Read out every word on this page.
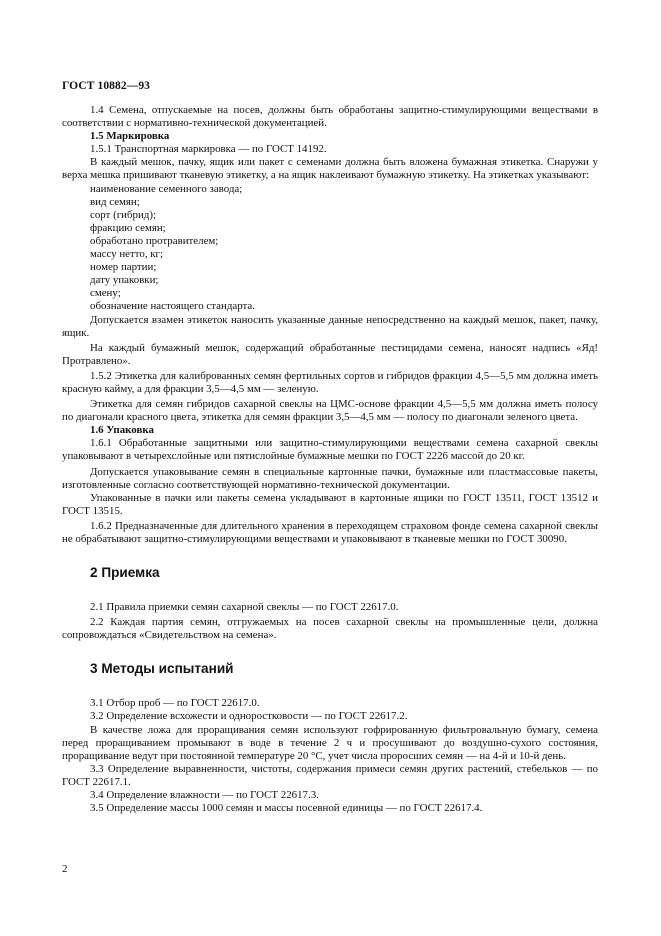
ГОСТ 10882—93

1.4 Семена, отпускаемые на посев, должны быть обработаны защитно-стимулирующими веществами в соответствии с нормативно-технической документацией.

1.5 Маркировка

1.5.1 Транспортная маркировка — по ГОСТ 14192.

В каждый мешок, пачку, ящик или пакет с семенами должна быть вложена бумажная этикетка. Снаружи у верха мешка пришивают тканевую этикетку, а на ящик наклеивают бумажную этикетку. На этикетках указывают:

наименование семенного завода;

вид семян;

сорт (гибрид);

фракцию семян;

обработано протравителем;

массу нетто, кг;

номер партии;

дату упаковки;

смену;

обозначение настоящего стандарта.

Допускается взамен этикеток наносить указанные данные непосредственно на каждый мешок, пакет, пачку, ящик.

На каждый бумажный мешок, содержащий обработанные пестицидами семена, наносят надпись «Яд! Протравлено».

1.5.2 Этикетка для калиброванных семян фертильных сортов и гибридов фракции 4,5—5,5 мм должна иметь красную кайму, а для фракции 3,5—4,5 мм — зеленую.

Этикетка для семян гибридов сахарной свеклы на ЦМС-основе фракции 4,5—5,5 мм должна иметь полосу по диагонали красного цвета, этикетка для семян фракции 3,5—4,5 мм — полосу по диагонали зеленого цвета.

1.6 Упаковка

1.6.1 Обработанные защитными или защитно-стимулирующими веществами семена сахарной свеклы упаковывают в четырехслойные или пятислойные бумажные мешки по ГОСТ 2226 массой до 20 кг.

Допускается упаковывание семян в специальные картонные пачки, бумажные или пластмассовые пакеты, изготовленные согласно соответствующей нормативно-технической документации.

Упакованные в пачки или пакеты семена укладывают в картонные ящики по ГОСТ 13511, ГОСТ 13512 и ГОСТ 13515.

1.6.2 Предназначенные для длительного хранения в переходящем страховом фонде семена сахарной свеклы не обрабатывают защитно-стимулирующими веществами и упаковывают в тканевые мешки по ГОСТ 30090.

2 Приемка

2.1 Правила приемки семян сахарной свеклы — по ГОСТ 22617.0.

2.2 Каждая партия семян, отгружаемых на посев сахарной свеклы на промышленные цели, должна сопровождаться «Свидетельством на семена».

3 Методы испытаний

3.1 Отбор проб — по ГОСТ 22617.0.

3.2 Определение всхожести и одноростковости — по ГОСТ 22617.2.

В качестве ложа для проращивания семян используют гофрированную фильтровальную бумагу, семена перед проращиванием промывают в воде в течение 2 ч и просушивают до воздушно-сухого состояния, проращивание ведут при постоянной температуре 20 °С, учет числа проросших семян — на 4-й и 10-й день.

3.3 Определение выравненности, чистоты, содержания примеси семян других растений, стебельков — по ГОСТ 22617.1.

3.4 Определение влажности — по ГОСТ 22617.3.

3.5 Определение массы 1000 семян и массы посевной единицы — по ГОСТ 22617.4.

2
